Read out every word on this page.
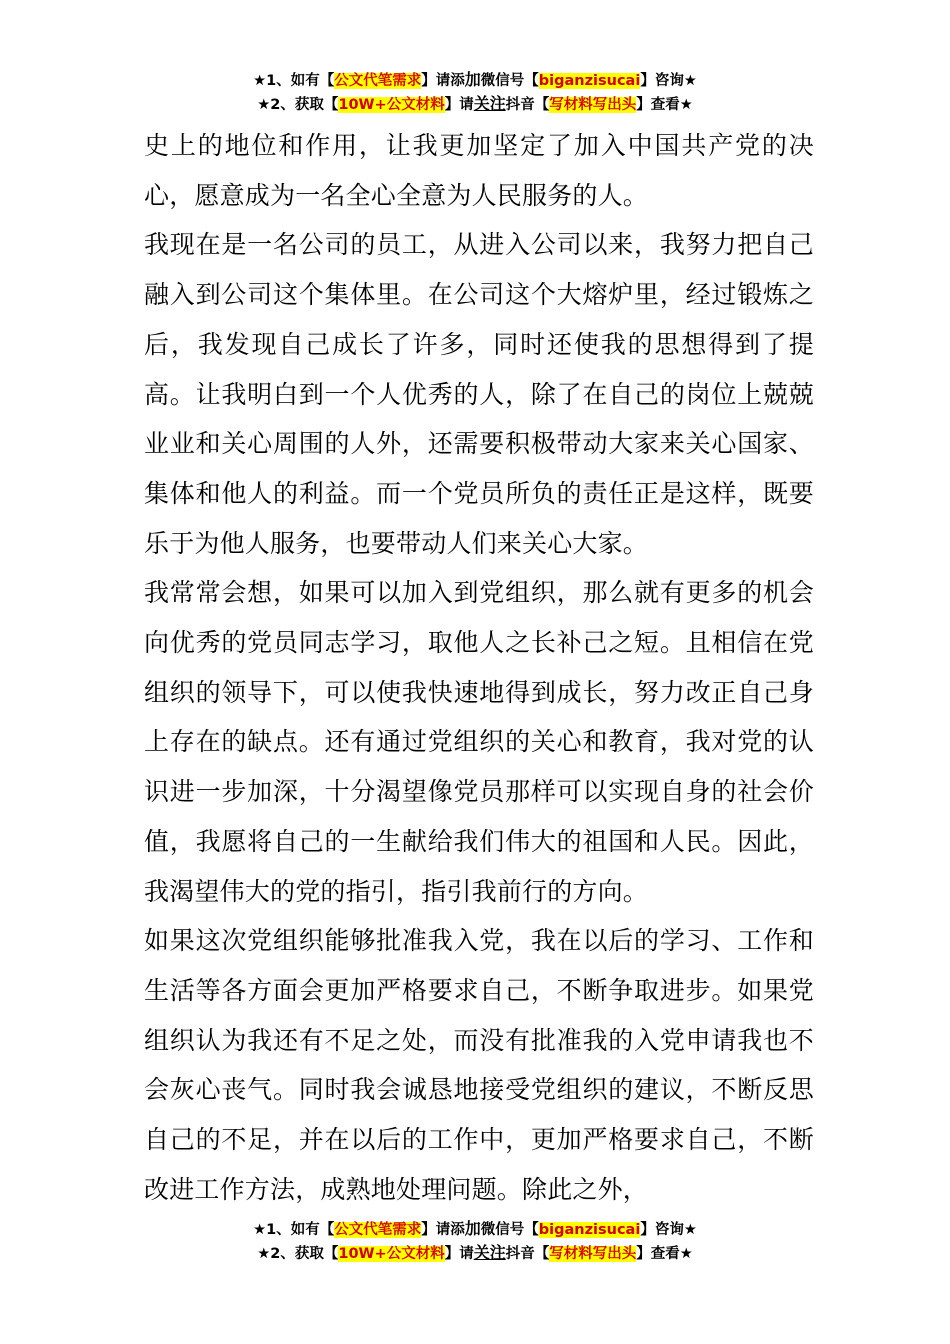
★1、如有【公文代笔需求】请添加微信号【biganzisucai】咨询★
★2、获取【10W+公文材料】请关注抖音【写材料写出头】查看★

史上的地位和作用，让我更加坚定了加入中国共产党的决心，愿意成为一名全心全意为人民服务的人。

我现在是一名公司的员工，从进入公司以来，我努力把自己融入到公司这个集体里。在公司这个大熔炉里，经过锻炼之后，我发现自己成长了许多，同时还使我的思想得到了提高。让我明白到一个人优秀的人，除了在自己的岗位上兢兢业业和关心周围的人外，还需要积极带动大家来关心国家、集体和他人的利益。而一个党员所负的责任正是这样，既要乐于为他人服务，也要带动人们来关心大家。

我常常会想，如果可以加入到党组织，那么就有更多的机会向优秀的党员同志学习，取他人之长补己之短。且相信在党组织的领导下，可以使我快速地得到成长，努力改正自己身上存在的缺点。还有通过党组织的关心和教育，我对党的认识进一步加深，十分渴望像党员那样可以实现自身的社会价值，我愿将自己的一生献给我们伟大的祖国和人民。因此，我渴望伟大的党的指引，指引我前行的方向。

如果这次党组织能够批准我入党，我在以后的学习、工作和生活等各方面会更加严格要求自己，不断争取进步。如果党组织认为我还有不足之处，而没有批准我的入党申请我也不会灰心丧气。同时我会诚恳地接受党组织的建议，不断反思自己的不足，并在以后的工作中，更加严格要求自己，不断改进工作方法，成熟地处理问题。除此之外，

★1、如有【公文代笔需求】请添加微信号【biganzisucai】咨询★
★2、获取【10W+公文材料】请关注抖音【写材料写出头】查看★
